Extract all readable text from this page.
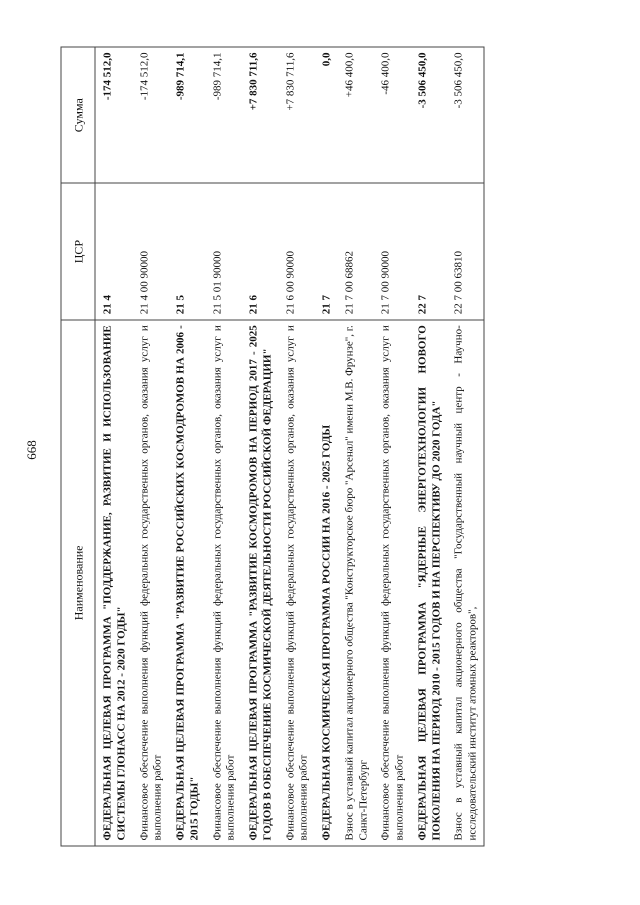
668
Наименование	ЦСР	Сумма
ФЕДЕРАЛЬНАЯ ЦЕЛЕВАЯ ПРОГРАММА "ПОДДЕРЖАНИЕ, РАЗВИТИЕ И ИСПОЛЬЗОВАНИЕ СИСТЕМЫ ГЛОНАСС НА 2012 - 2020 ГОДЫ"	21 4	-174 512,0
Финансовое обеспечение выполнения функций федеральных государственных органов, оказания услуг и выполнения работ	21 4 00 90000	-174 512,0
ФЕДЕРАЛЬНАЯ ЦЕЛЕВАЯ ПРОГРАММА "РАЗВИТИЕ РОССИЙСКИХ КОСМОДРОМОВ НА 2006 - 2015 ГОДЫ"	21 5	-989 714,1
Финансовое обеспечение выполнения функций федеральных государственных органов, оказания услуг и выполнения работ	21 5 01 90000	-989 714,1
ФЕДЕРАЛЬНАЯ ЦЕЛЕВАЯ ПРОГРАММА "РАЗВИТИЕ КОСМОДРОМОВ НА ПЕРИОД 2017 - 2025 ГОДОВ В ОБЕСПЕЧЕНИЕ КОСМИЧЕСКОЙ ДЕЯТЕЛЬНОСТИ РОССИЙСКОЙ ФЕДЕРАЦИИ"	21 6	+7 830 711,6
Финансовое обеспечение выполнения функций федеральных государственных органов, оказания услуг и выполнения работ	21 6 00 90000	+7 830 711,6
ФЕДЕРАЛЬНАЯ КОСМИЧЕСКАЯ ПРОГРАММА РОССИИ НА 2016 - 2025 ГОДЫ	21 7	0,0
Взнос в уставный капитал акционерного общества "Конструкторское бюро "Арсенал" имени М.В. Фрунзе", г. Санкт-Петербург	21 7 00 68862	+46 400,0
Финансовое обеспечение выполнения функций федеральных государственных органов, оказания услуг и выполнения работ	21 7 00 90000	-46 400,0
ФЕДЕРАЛЬНАЯ ЦЕЛЕВАЯ ПРОГРАММА "ЯДЕРНЫЕ ЭНЕРГОТЕХНОЛОГИИ НОВОГО ПОКОЛЕНИЯ НА ПЕРИОД 2010 - 2015 ГОДОВ И НА ПЕРСПЕКТИВУ ДО 2020 ГОДА"	22 7	-3 506 450,0
Взнос в уставный капитал акционерного общества "Государственный научный центр - Научно-исследовательский институт атомных реакторов",	22 7 00 63810	-3 506 450,0
